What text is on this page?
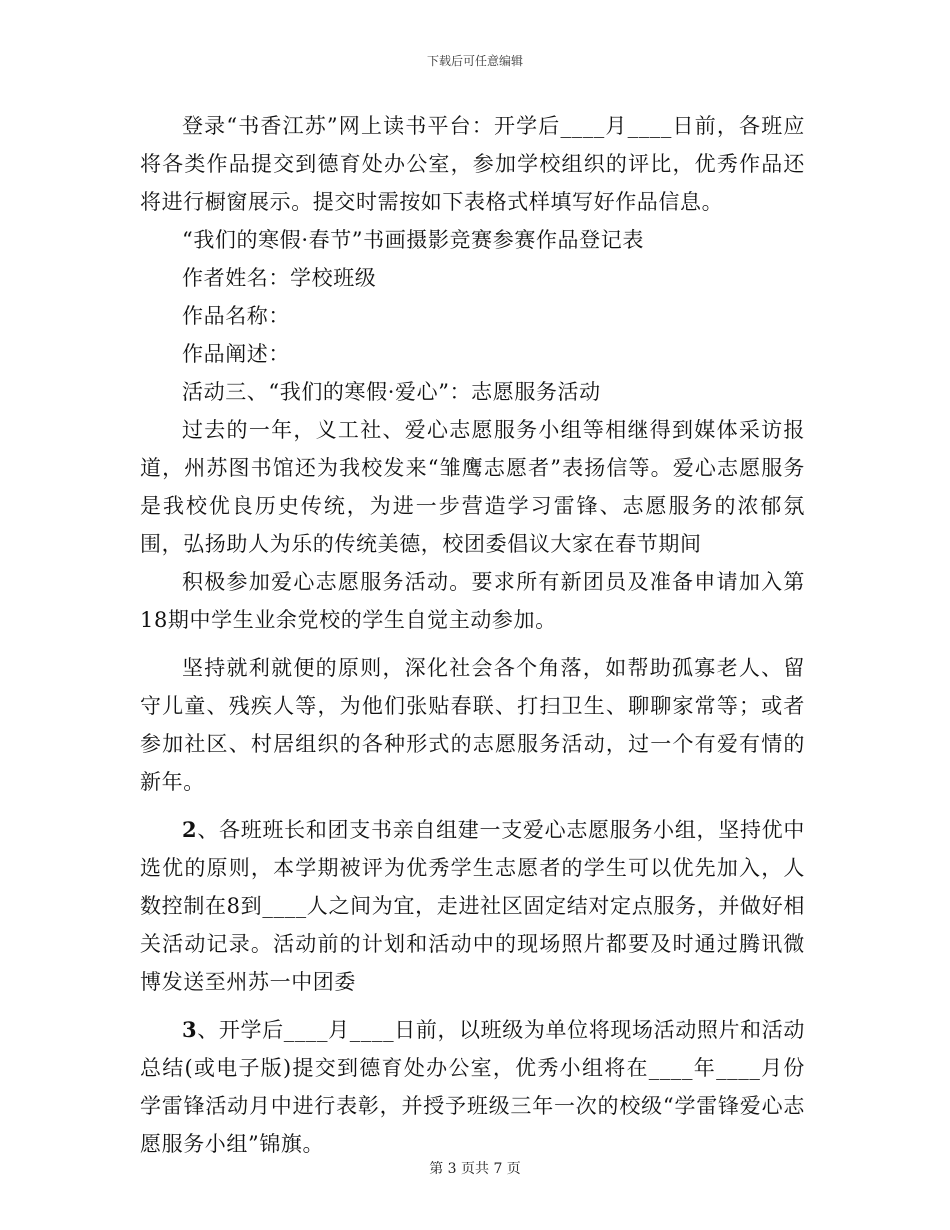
下载后可任意编辑

登录“书香江苏”网上读书平台：开学后____月____日前，各班应将各类作品提交到德育处办公室，参加学校组织的评比，优秀作品还将进行橱窗展示。提交时需按如下表格式样填写好作品信息。

“我们的寒假·春节”书画摄影竞赛参赛作品登记表

作者姓名：学校班级

作品名称：

作品阐述：

活动三、“我们的寒假·爱心”：志愿服务活动

过去的一年，义工社、爱心志愿服务小组等相继得到媒体采访报道，州苏图书馆还为我校发来“雏鹰志愿者”表扬信等。爱心志愿服务是我校优良历史传统，为进一步营造学习雷锋、志愿服务的浓郁氛围，弘扬助人为乐的传统美德，校团委倡议大家在春节期间

积极参加爱心志愿服务活动。要求所有新团员及准备申请加入第18期中学生业余党校的学生自觉主动参加。

坚持就利就便的原则，深化社会各个角落，如帮助孤寡老人、留守儿童、残疾人等，为他们张贴春联、打扫卫生、聊聊家常等；或者参加社区、村居组织的各种形式的志愿服务活动，过一个有爱有情的新年。

2、各班班长和团支书亲自组建一支爱心志愿服务小组，坚持优中选优的原则，本学期被评为优秀学生志愿者的学生可以优先加入，人数控制在8到____人之间为宜，走进社区固定结对定点服务，并做好相关活动记录。活动前的计划和活动中的现场照片都要及时通过腾讯微博发送至州苏一中团委

3、开学后____月____日前，以班级为单位将现场活动照片和活动总结(或电子版)提交到德育处办公室，优秀小组将在____年____月份学雷锋活动月中进行表彰，并授予班级三年一次的校级“学雷锋爱心志愿服务小组”锦旗。

第 3 页共 7 页
